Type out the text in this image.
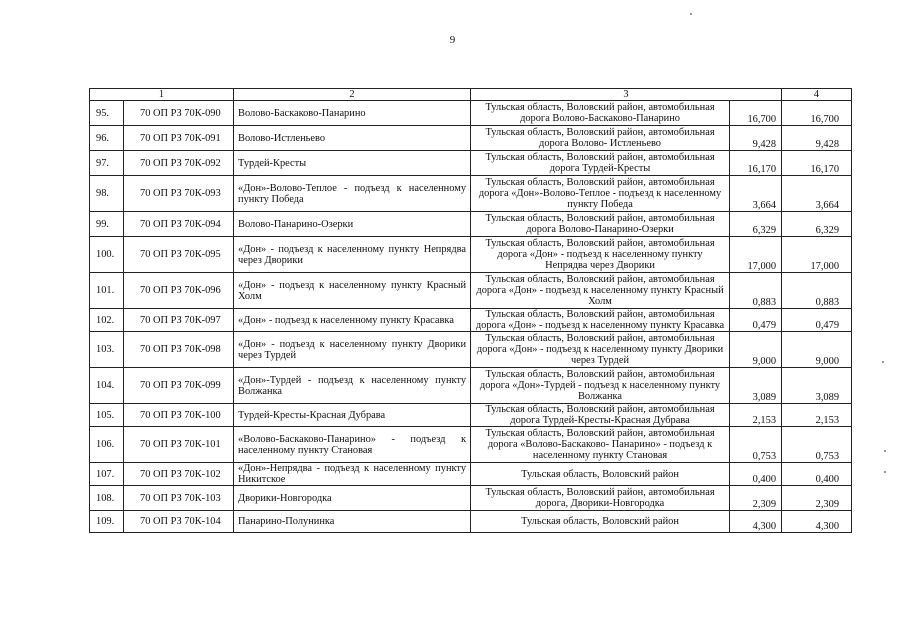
9
1		2	3		4
95.	70 ОП РЗ 70К-090	Волово-Баскаково-Панарино	Тульская область, Воловский район, автомобильная дорога Волово-Баскаково-Панарино	16,700	16,700
96.	70 ОП РЗ 70К-091	Волово-Истленьево	Тульская область, Воловский район, автомобильная дорога Волово- Истленьево	9,428	9,428
97.	70 ОП РЗ 70К-092	Турдей-Кресты	Тульская область, Воловский район, автомобильная дорога Турдей-Кресты	16,170	16,170
98.	70 ОП РЗ 70К-093	«Дон»-Волово-Теплое - подъезд к населенному пункту Победа	Тульская область, Воловский район, автомобильная дорога «Дон»-Волово-Теплое - подъезд к населенному пункту Победа	3,664	3,664
99.	70 ОП РЗ 70К-094	Волово-Панарино-Озерки	Тульская область, Воловский район, автомобильная дорога Волово-Панарино-Озерки	6,329	6,329
100.	70 ОП РЗ 70К-095	«Дон» - подъезд к населенному пункту Непрядва через Дворики	Тульская область, Воловский район, автомобильная дорога «Дон» - подъезд к населенному пункту Непрядва через Дворики	17,000	17,000
101.	70 ОП РЗ 70К-096	«Дон» - подъезд к населенному пункту Красный Холм	Тульская область, Воловский район, автомобильная дорога «Дон» - подъезд к населенному пункту Красный Холм	0,883	0,883
102.	70 ОП РЗ 70К-097	«Дон» - подъезд к населенному пункту Красавка	Тульская область, Воловский район, автомобильная дорога «Дон» - подъезд к населенному пункту Красавка	0,479	0,479
103.	70 ОП РЗ 70К-098	«Дон» - подъезд к населенному пункту Дворики через Турдей	Тульская область, Воловский район, автомобильная дорога «Дон» - подъезд к населенному пункту Дворики через Турдей	9,000	9,000
104.	70 ОП РЗ 70К-099	«Дон»-Турдей - подъезд к населенному пункту Волжанка	Тульская область, Воловский район, автомобильная дорога «Дон»-Турдей - подъезд к населенному пункту Волжанка	3,089	3,089
105.	70 ОП РЗ 70К-100	Турдей-Кресты-Красная Дубрава	Тульская область, Воловский район, автомобильная дорога Турдей-Кресты-Красная Дубрава	2,153	2,153
106.	70 ОП РЗ 70К-101	«Волово-Баскаково-Панарино» - подъезд к населенному пункту Становая	Тульская область, Воловский район, автомобильная дорога «Волово-Баскаково- Панарино» - подъезд к населенному пункту Становая	0,753	0,753
107.	70 ОП РЗ 70К-102	«Дон»-Непрядва - подъезд к населенному пункту Никитское	Тульская область, Воловский район	0,400	0,400
108.	70 ОП РЗ 70К-103	Дворики-Новгородка	Тульская область, Воловский район, автомобильная дорога, Дворики-Новгородка	2,309	2,309
109.	70 ОП РЗ 70К-104	Панарино-Полунинка	Тульская область, Воловский район	4,300	4,300
